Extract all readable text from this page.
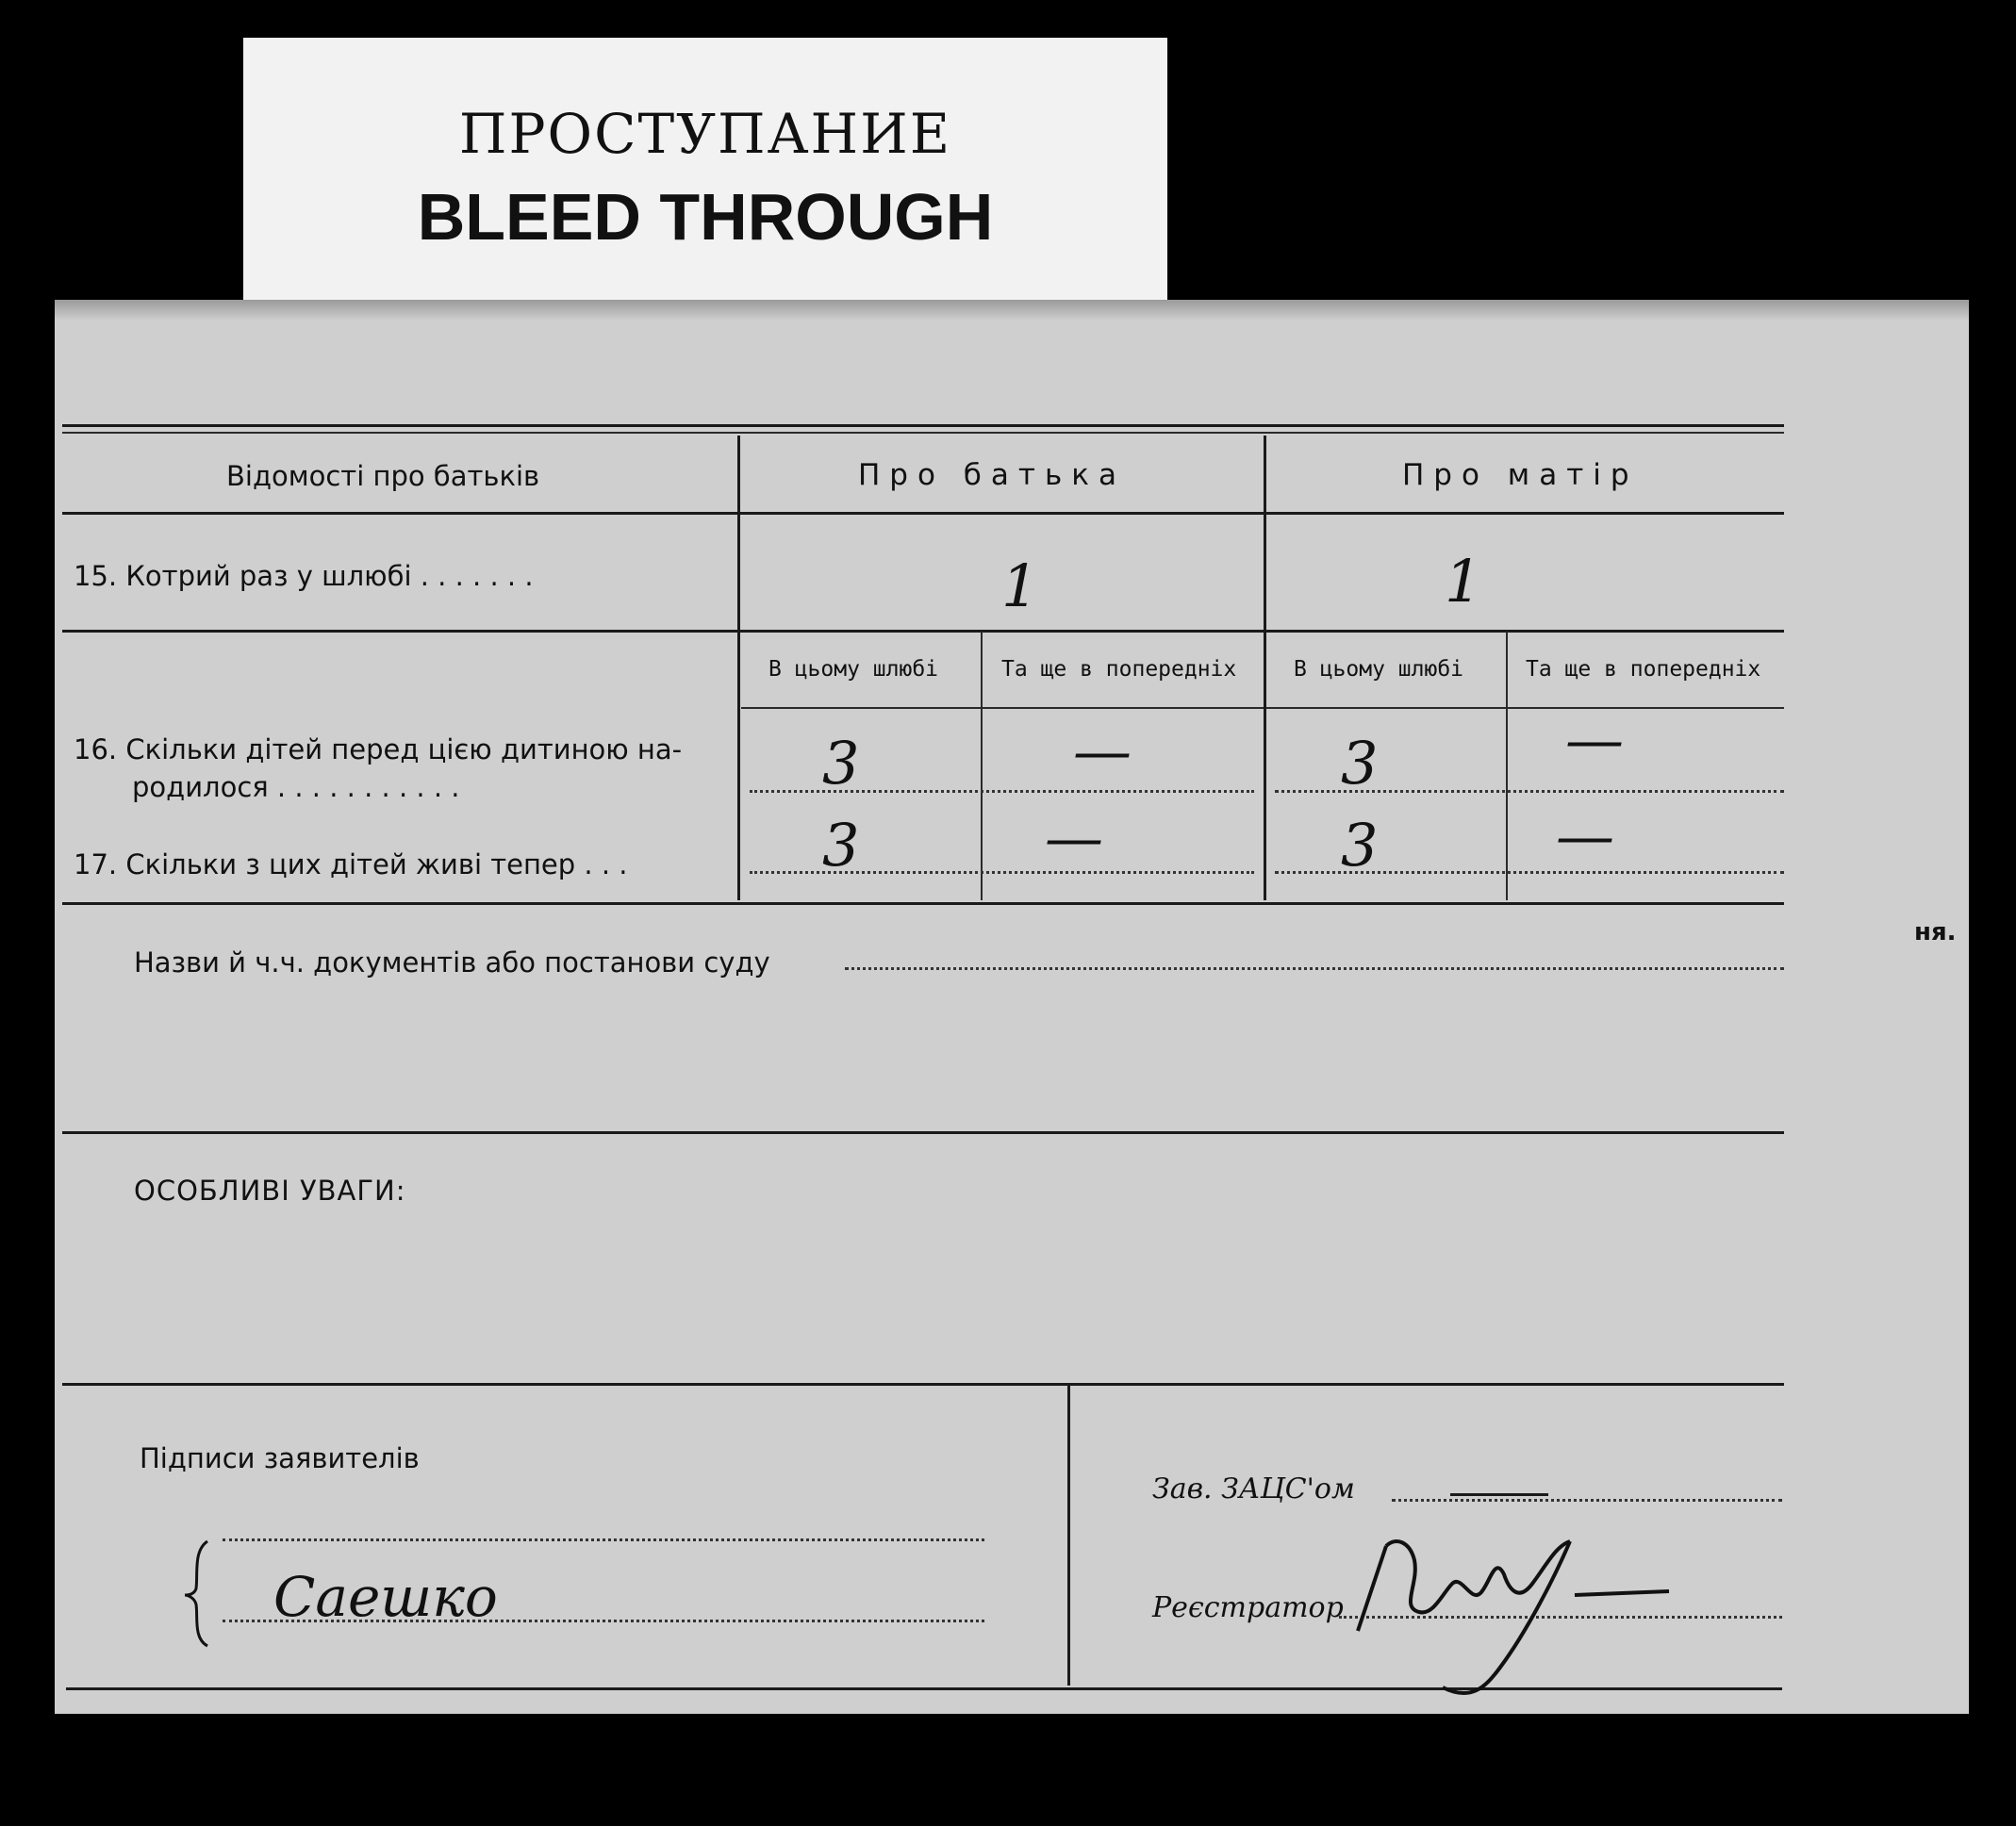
ПРОСТУПАНИЕ
BLEED THROUGH
Відомості про батьків	Про батька	Про матір
15. Котрий раз у шлюбі . . . . . . .	1	1
В цьому шлюбі	Та ще в попередніх	В цьому шлюбі	Та ще в попередніх
16. Скільки дітей перед цією дитиною на-
родилося . . . . . . . . . . .	3	—	3	—
17. Скільки з цих дітей живі тепер . . .	3	—	3	—
Назви й ч.ч. документів або постанови суду
ОСОБЛИВІ УВАГИ:
Підписи заявителів
Саешко
Зав. ЗАЦС'ом
Реєстратор
ня.
